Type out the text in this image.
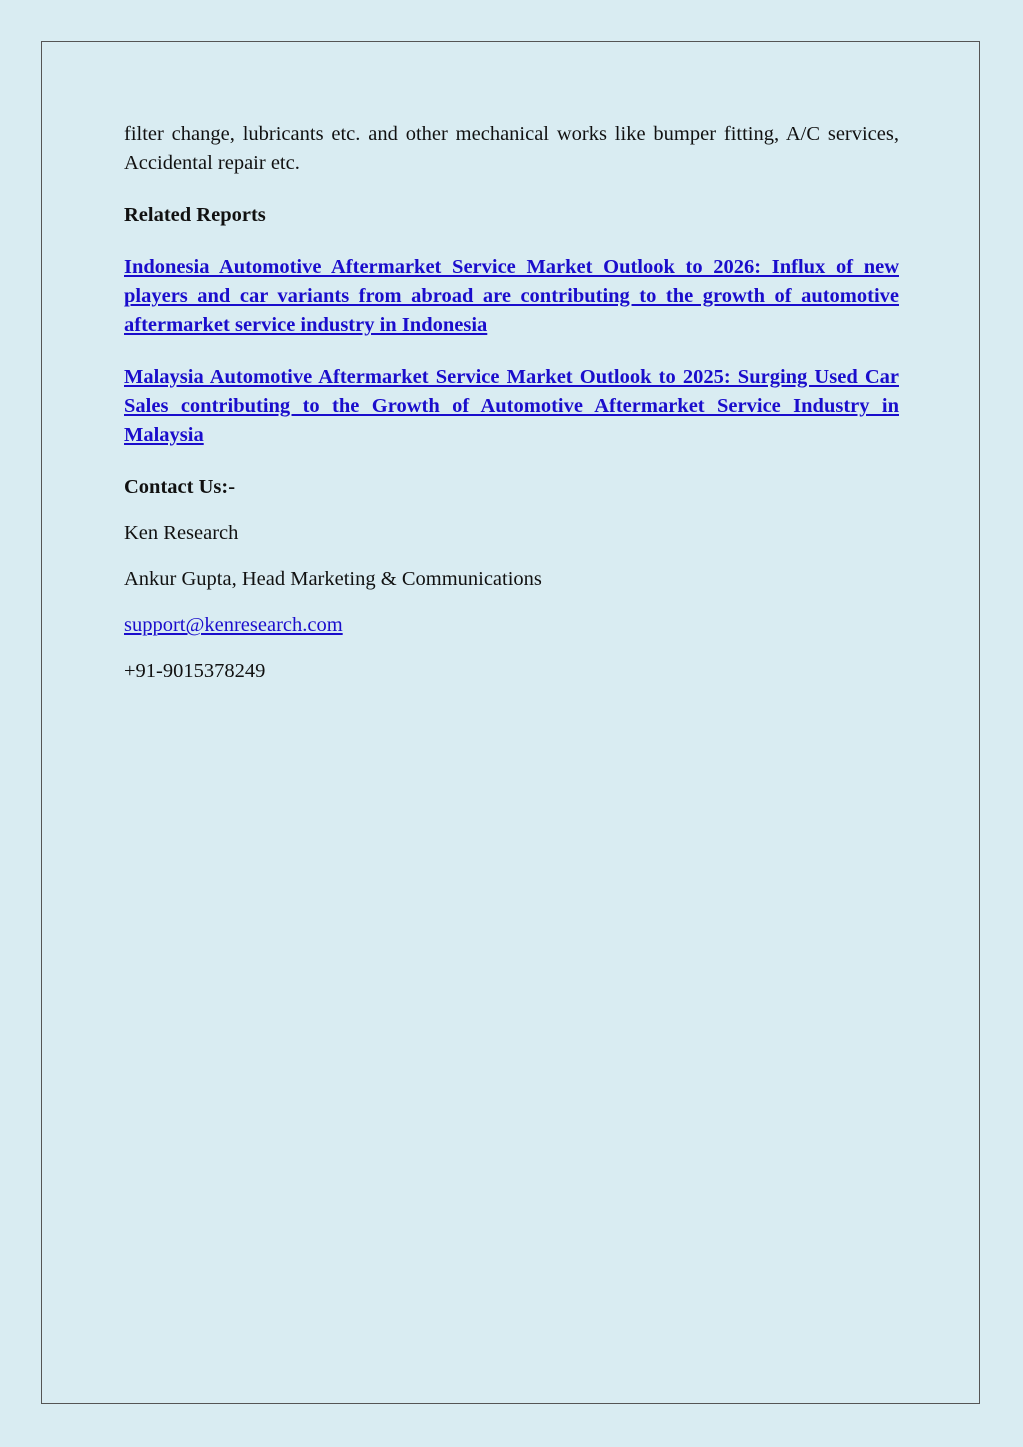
filter change, lubricants etc. and other mechanical works like bumper fitting, A/C services, Accidental repair etc.

Related Reports

Indonesia Automotive Aftermarket Service Market Outlook to 2026: Influx of new players and car variants from abroad are contributing to the growth of automotive aftermarket service industry in Indonesia

Malaysia Automotive Aftermarket Service Market Outlook to 2025: Surging Used Car Sales contributing to the Growth of Automotive Aftermarket Service Industry in Malaysia

Contact Us:-

Ken Research

Ankur Gupta, Head Marketing & Communications

support@kenresearch.com

+91-9015378249
